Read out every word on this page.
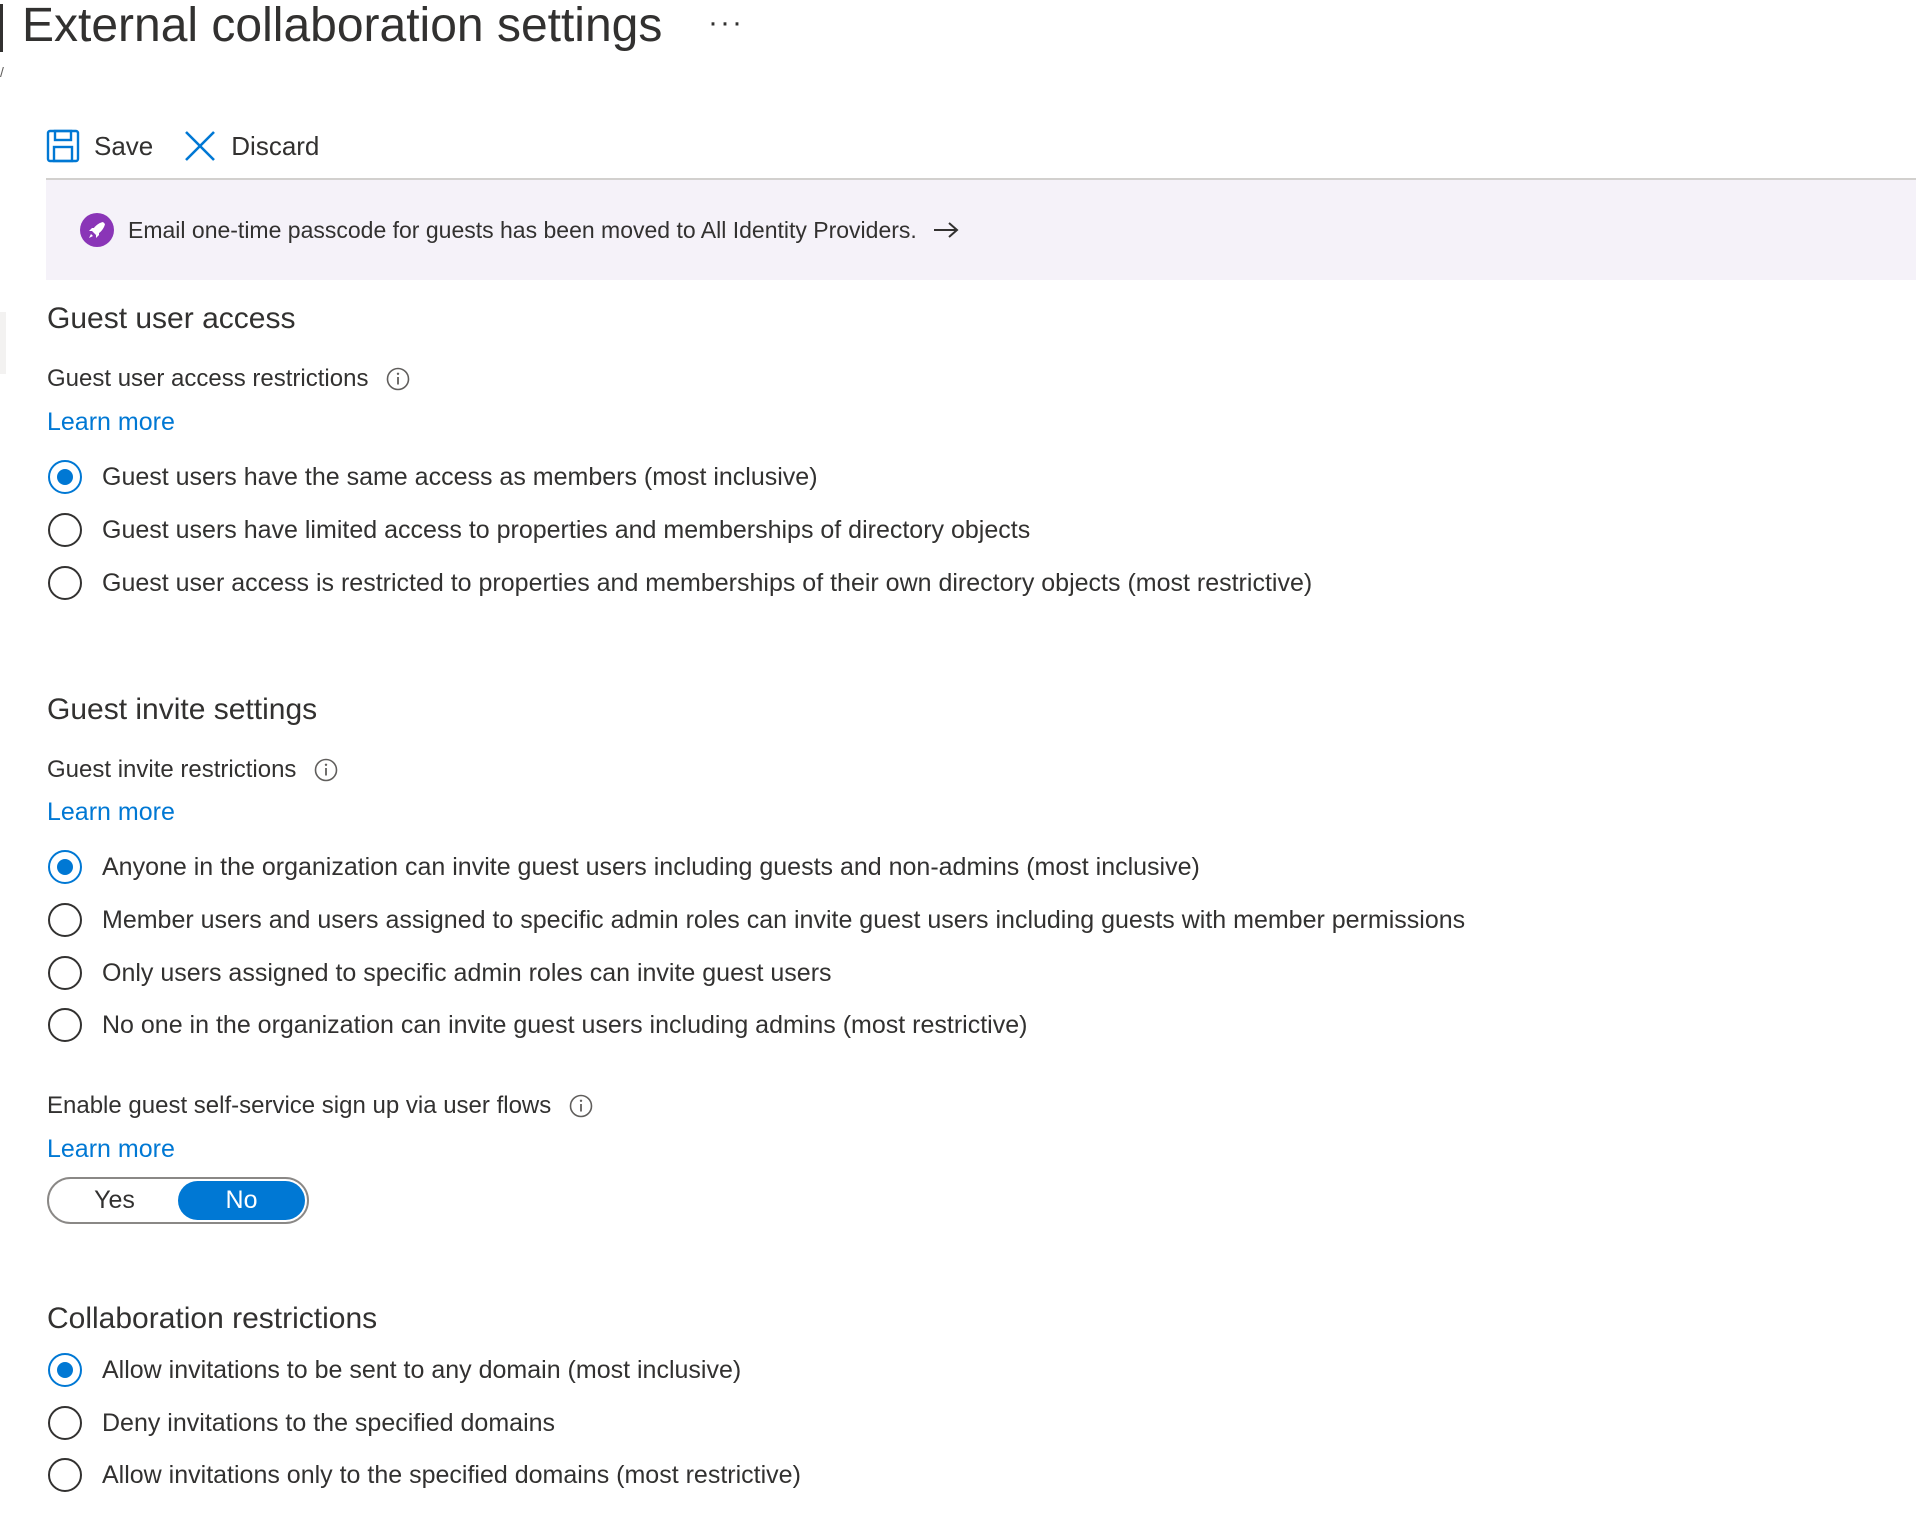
External collaboration settings ···
/
Save	Discard
Email one-time passcode for guests has been moved to All Identity Providers.
Guest user access
Guest user access restrictions
Learn more
Guest users have the same access as members (most inclusive)
Guest users have limited access to properties and memberships of directory objects
Guest user access is restricted to properties and memberships of their own directory objects (most restrictive)
Guest invite settings
Guest invite restrictions
Learn more
Anyone in the organization can invite guest users including guests and non-admins (most inclusive)
Member users and users assigned to specific admin roles can invite guest users including guests with member permissions
Only users assigned to specific admin roles can invite guest users
No one in the organization can invite guest users including admins (most restrictive)
Enable guest self-service sign up via user flows
Learn more
Yes	No
Collaboration restrictions
Allow invitations to be sent to any domain (most inclusive)
Deny invitations to the specified domains
Allow invitations only to the specified domains (most restrictive)
